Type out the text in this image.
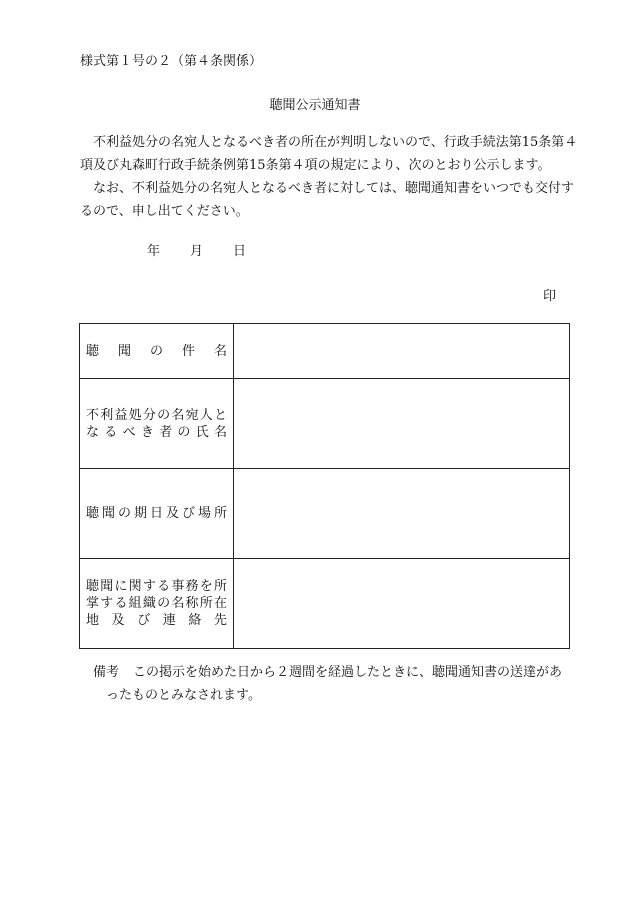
様式第１号の２（第４条関係）
聴聞公示通知書
不利益処分の名宛人となるべき者の所在が判明しないので、行政手続法第15条第４項及び丸森町行政手続条例第15条第４項の規定により、次のとおり公示します。
なお、不利益処分の名宛人となるべき者に対しては、聴聞通知書をいつでも交付するので、申し出てください。
年 月 日
印
聴聞の件名	

不利益処分の名宛人と
なるべき者の氏名	

聴聞の期日及び場所	

聴聞に関する事務を所
掌する組織の名称所在
地及び連絡先	

備考 この掲示を始めた日から２週間を経過したときに、聴聞通知書の送達があ
ったものとみなされます。
